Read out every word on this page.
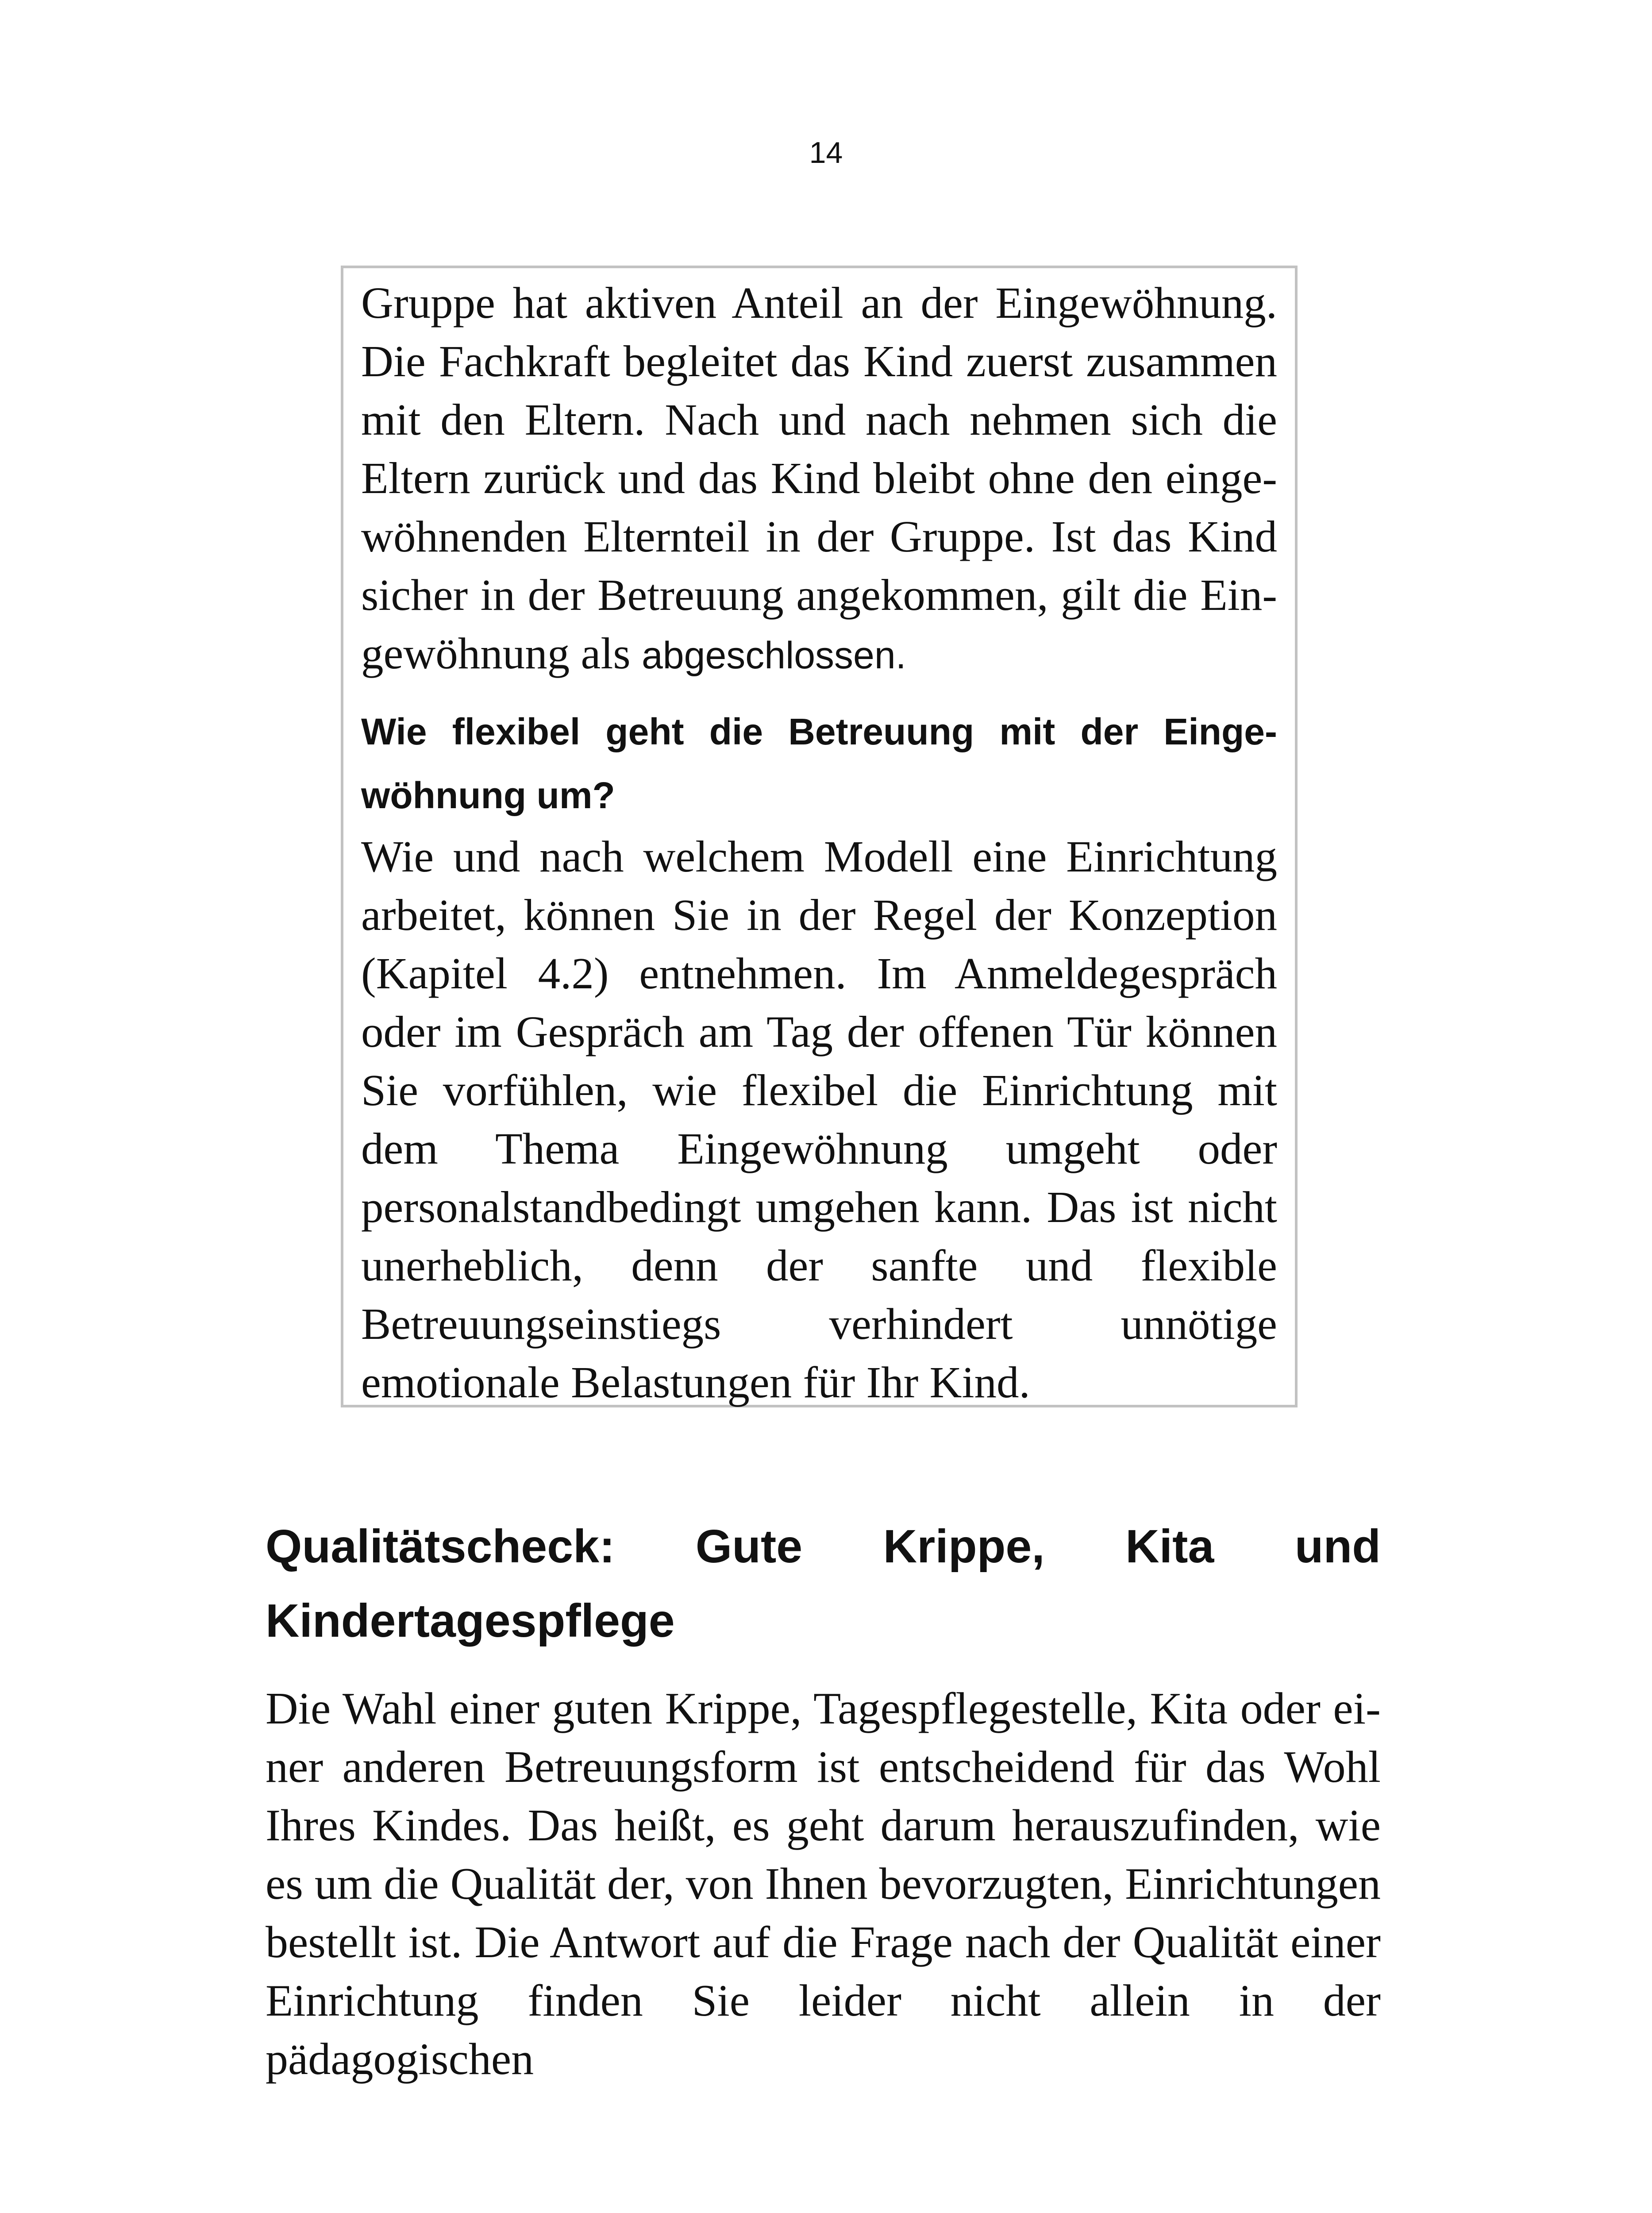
14

Gruppe hat aktiven Anteil an der Eingewöhnung. Die Fachkraft begleitet das Kind zuerst zusammen mit den Eltern. Nach und nach nehmen sich die Eltern zurück und das Kind bleibt ohne den eingewöhnenden Elternteil in der Gruppe. Ist das Kind sicher in der Betreuung angekommen, gilt die Eingewöhnung als abgeschlossen.

Wie flexibel geht die Betreuung mit der Eingewöhnung um?

Wie und nach welchem Modell eine Einrichtung arbeitet, können Sie in der Regel der Konzeption (Kapitel 4.2) entnehmen. Im Anmeldegespräch oder im Gespräch am Tag der offenen Tür können Sie vorfühlen, wie flexibel die Einrichtung mit dem Thema Eingewöhnung umgeht oder personalstandbedingt umgehen kann. Das ist nicht unerheblich, denn der sanfte und flexible Betreuungseinstiegs verhindert unnötige emotionale Belastungen für Ihr Kind.

Qualitätscheck: Gute Krippe, Kita und Kindertagespflege

Die Wahl einer guten Krippe, Tagespflegestelle, Kita oder einer anderen Betreuungsform ist entscheidend für das Wohl Ihres Kindes. Das heißt, es geht darum herauszufinden, wie es um die Qualität der, von Ihnen bevorzugten, Einrichtungen bestellt ist. Die Antwort auf die Frage nach der Qualität einer Einrichtung finden Sie leider nicht allein in der pädagogischen
